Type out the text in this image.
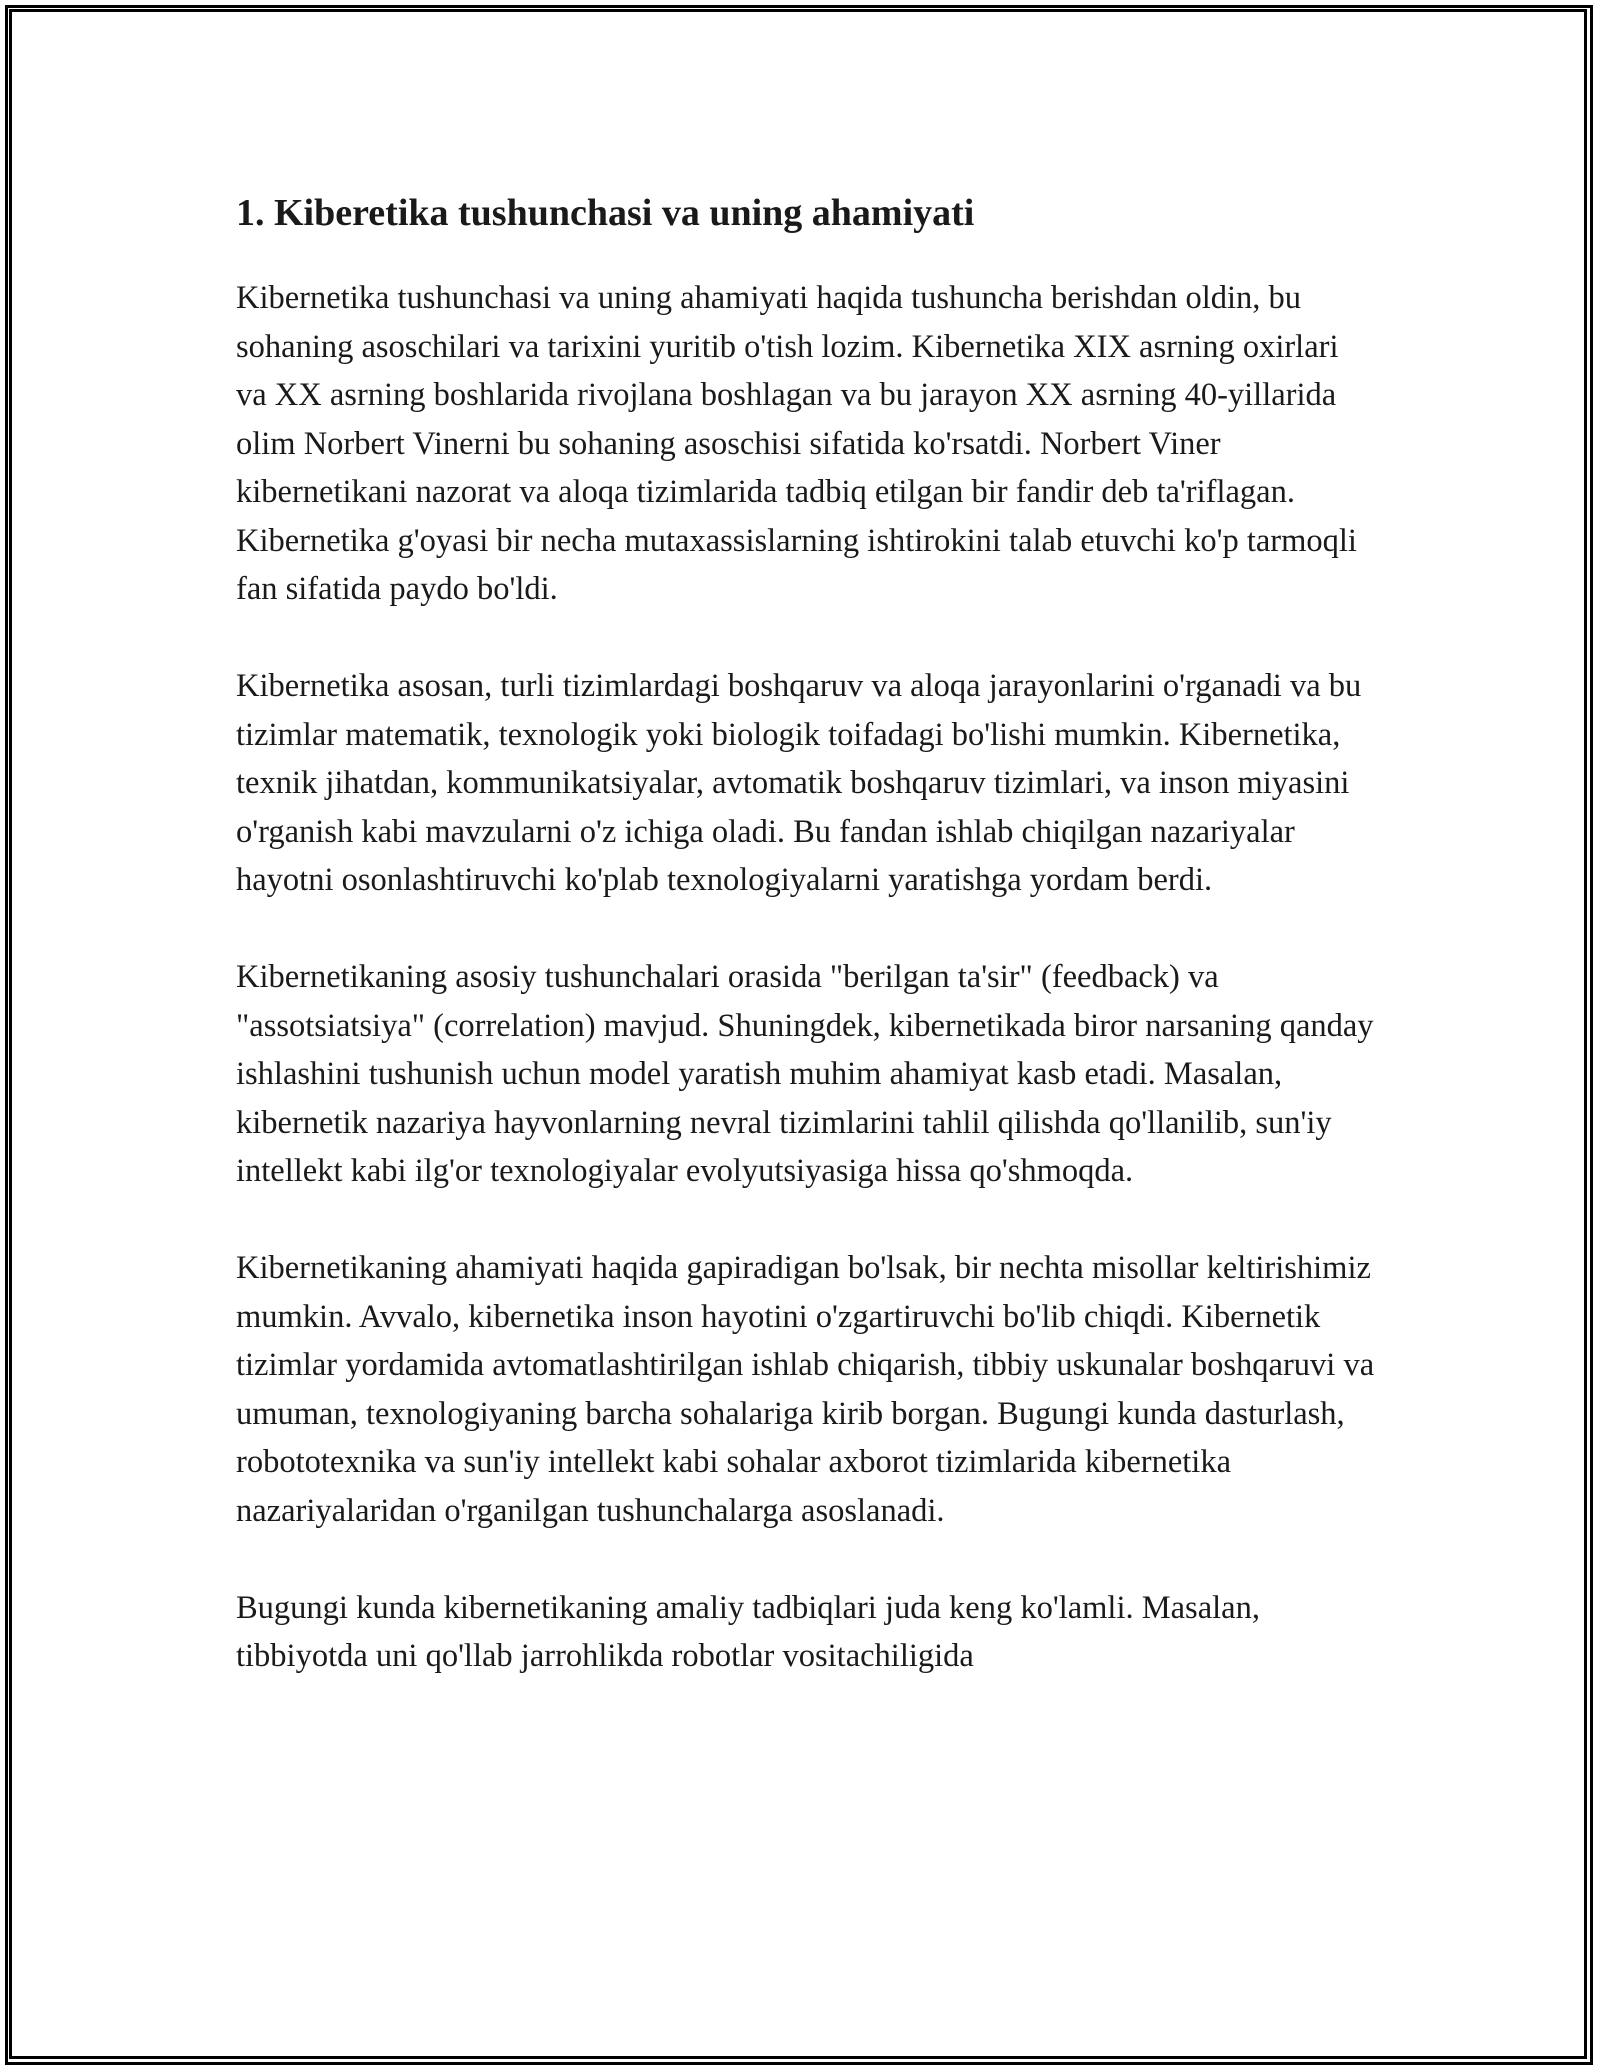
1. Kiberetika tushunchasi va uning ahamiyati

Kibernetika tushunchasi va uning ahamiyati haqida tushuncha berishdan oldin, bu sohaning asoschilari va tarixini yuritib o'tish lozim. Kibernetika XIX asrning oxirlari va XX asrning boshlarida rivojlana boshlagan va bu jarayon XX asrning 40-yillarida olim Norbert Vinerni bu sohaning asoschisi sifatida ko'rsatdi. Norbert Viner kibernetikani nazorat va aloqa tizimlarida tadbiq etilgan bir fandir deb ta'riflagan. Kibernetika g'oyasi bir necha mutaxassislarning ishtirokini talab etuvchi ko'p tarmoqli fan sifatida paydo bo'ldi.

Kibernetika asosan, turli tizimlardagi boshqaruv va aloqa jarayonlarini o'rganadi va bu tizimlar matematik, texnologik yoki biologik toifadagi bo'lishi mumkin. Kibernetika, texnik jihatdan, kommunikatsiyalar, avtomatik boshqaruv tizimlari, va inson miyasini o'rganish kabi mavzularni o'z ichiga oladi. Bu fandan ishlab chiqilgan nazariyalar hayotni osonlashtiruvchi ko'plab texnologiyalarni yaratishga yordam berdi.

Kibernetikaning asosiy tushunchalari orasida "berilgan ta'sir" (feedback) va "assotsiatsiya" (correlation) mavjud. Shuningdek, kibernetikada biror narsaning qanday ishlashini tushunish uchun model yaratish muhim ahamiyat kasb etadi. Masalan, kibernetik nazariya hayvonlarning nevral tizimlarini tahlil qilishda qo'llanilib, sun'iy intellekt kabi ilg'or texnologiyalar evolyutsiyasiga hissa qo'shmoqda.

Kibernetikaning ahamiyati haqida gapiradigan bo'lsak, bir nechta misollar keltirishimiz mumkin. Avvalo, kibernetika inson hayotini o'zgartiruvchi bo'lib chiqdi. Kibernetik tizimlar yordamida avtomatlashtirilgan ishlab chiqarish, tibbiy uskunalar boshqaruvi va umuman, texnologiyaning barcha sohalariga kirib borgan. Bugungi kunda dasturlash, robototexnika va sun'iy intellekt kabi sohalar axborot tizimlarida kibernetika nazariyalaridan o'rganilgan tushunchalarga asoslanadi.

Bugungi kunda kibernetikaning amaliy tadbiqlari juda keng ko'lamli. Masalan, tibbiyotda uni qo'llab jarrohlikda robotlar vositachiligida
